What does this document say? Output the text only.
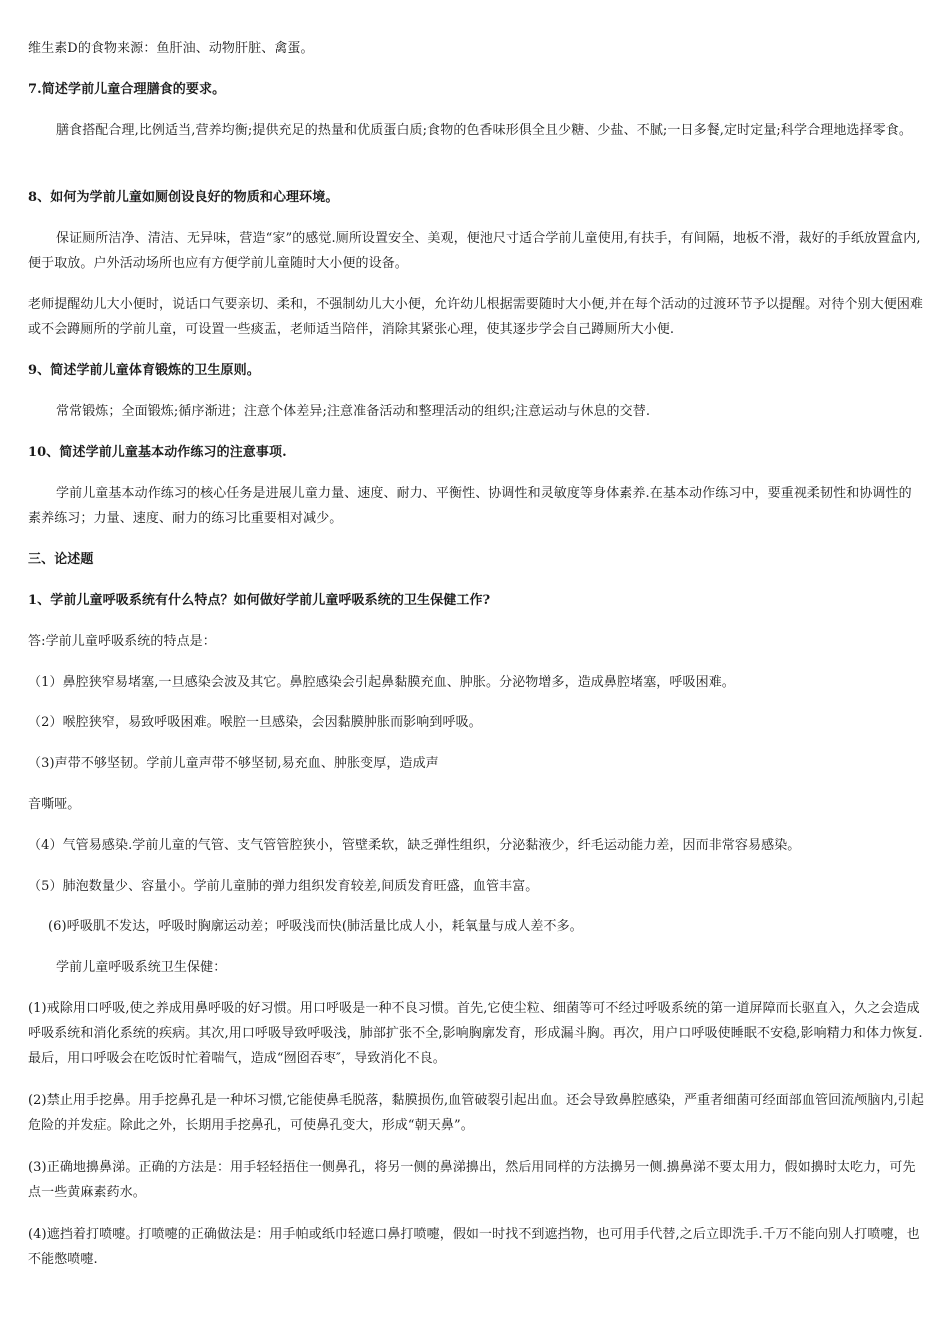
维生素D的食物来源：鱼肝油、动物肝脏、禽蛋。

7.简述学前儿童合理膳食的要求。

膳食搭配合理,比例适当,营养均衡;提供充足的热量和优质蛋白质;食物的色香味形俱全且少糖、少盐、不腻;一日多餐,定时定量;科学合理地选择零食。

8、如何为学前儿童如厕创设良好的物质和心理环境。

保证厕所洁净、清洁、无异味，营造“家”的感觉.厕所设置安全、美观，便池尺寸适合学前儿童使用,有扶手，有间隔，地板不滑，裁好的手纸放置盒内,便于取放。户外活动场所也应有方便学前儿童随时大小便的设备。

老师提醒幼儿大小便时，说话口气要亲切、柔和，不强制幼儿大小便，允许幼儿根据需要随时大小便,并在每个活动的过渡环节予以提醒。对待个别大便困难或不会蹲厕所的学前儿童，可设置一些痰盂，老师适当陪伴，消除其紧张心理，使其逐步学会自己蹲厕所大小便.

9、简述学前儿童体育锻炼的卫生原则。

常常锻炼；全面锻炼;循序渐进；注意个体差异;注意准备活动和整理活动的组织;注意运动与休息的交替.

10、简述学前儿童基本动作练习的注意事项.

学前儿童基本动作练习的核心任务是进展儿童力量、速度、耐力、平衡性、协调性和灵敏度等身体素养.在基本动作练习中，要重视柔韧性和协调性的素养练习；力量、速度、耐力的练习比重要相对减少。

三、论述题

1、学前儿童呼吸系统有什么特点？如何做好学前儿童呼吸系统的卫生保健工作?

答:学前儿童呼吸系统的特点是：

（1）鼻腔狭窄易堵塞,一旦感染会波及其它。鼻腔感染会引起鼻黏膜充血、肿胀。分泌物增多，造成鼻腔堵塞，呼吸困难。

（2）喉腔狭窄，易致呼吸困难。喉腔一旦感染，会因黏膜肿胀而影响到呼吸。

（3)声带不够坚韧。学前儿童声带不够坚韧,易充血、肿胀变厚，造成声

音嘶哑。

（4）气管易感染.学前儿童的气管、支气管管腔狭小，管壁柔软，缺乏弹性组织，分泌黏液少，纤毛运动能力差，因而非常容易感染。

（5）肺泡数量少、容量小。学前儿童肺的弹力组织发育较差,间质发育旺盛，血管丰富。

(6)呼吸肌不发达，呼吸时胸廓运动差；呼吸浅而快(肺活量比成人小，耗氧量与成人差不多。

学前儿童呼吸系统卫生保健：

(1)戒除用口呼吸,使之养成用鼻呼吸的好习惯。用口呼吸是一种不良习惯。首先,它使尘粒、细菌等可不经过呼吸系统的第一道屏障而长驱直入，久之会造成呼吸系统和消化系统的疾病。其次,用口呼吸导致呼吸浅，肺部扩张不全,影响胸廓发育，形成漏斗胸。再次，用户口呼吸使睡眠不安稳,影响精力和体力恢复.最后，用口呼吸会在吃饭时忙着喘气，造成“囫囵吞枣″，导致消化不良。

(2)禁止用手挖鼻。用手挖鼻孔是一种坏习惯,它能使鼻毛脱落，黏膜损伤,血管破裂引起出血。还会导致鼻腔感染，严重者细菌可经面部血管回流颅脑内,引起危险的并发症。除此之外，长期用手挖鼻孔，可使鼻孔变大，形成“朝天鼻”。

(3)正确地擤鼻涕。正确的方法是：用手轻轻捂住一侧鼻孔，将另一侧的鼻涕擤出，然后用同样的方法擤另一侧.擤鼻涕不要太用力，假如擤时太吃力，可先点一些黄麻素药水。

(4)遮挡着打喷嚏。打喷嚏的正确做法是：用手帕或纸巾轻遮口鼻打喷嚏，假如一时找不到遮挡物，也可用手代替,之后立即洗手.千万不能向别人打喷嚏，也不能憋喷嚏.
